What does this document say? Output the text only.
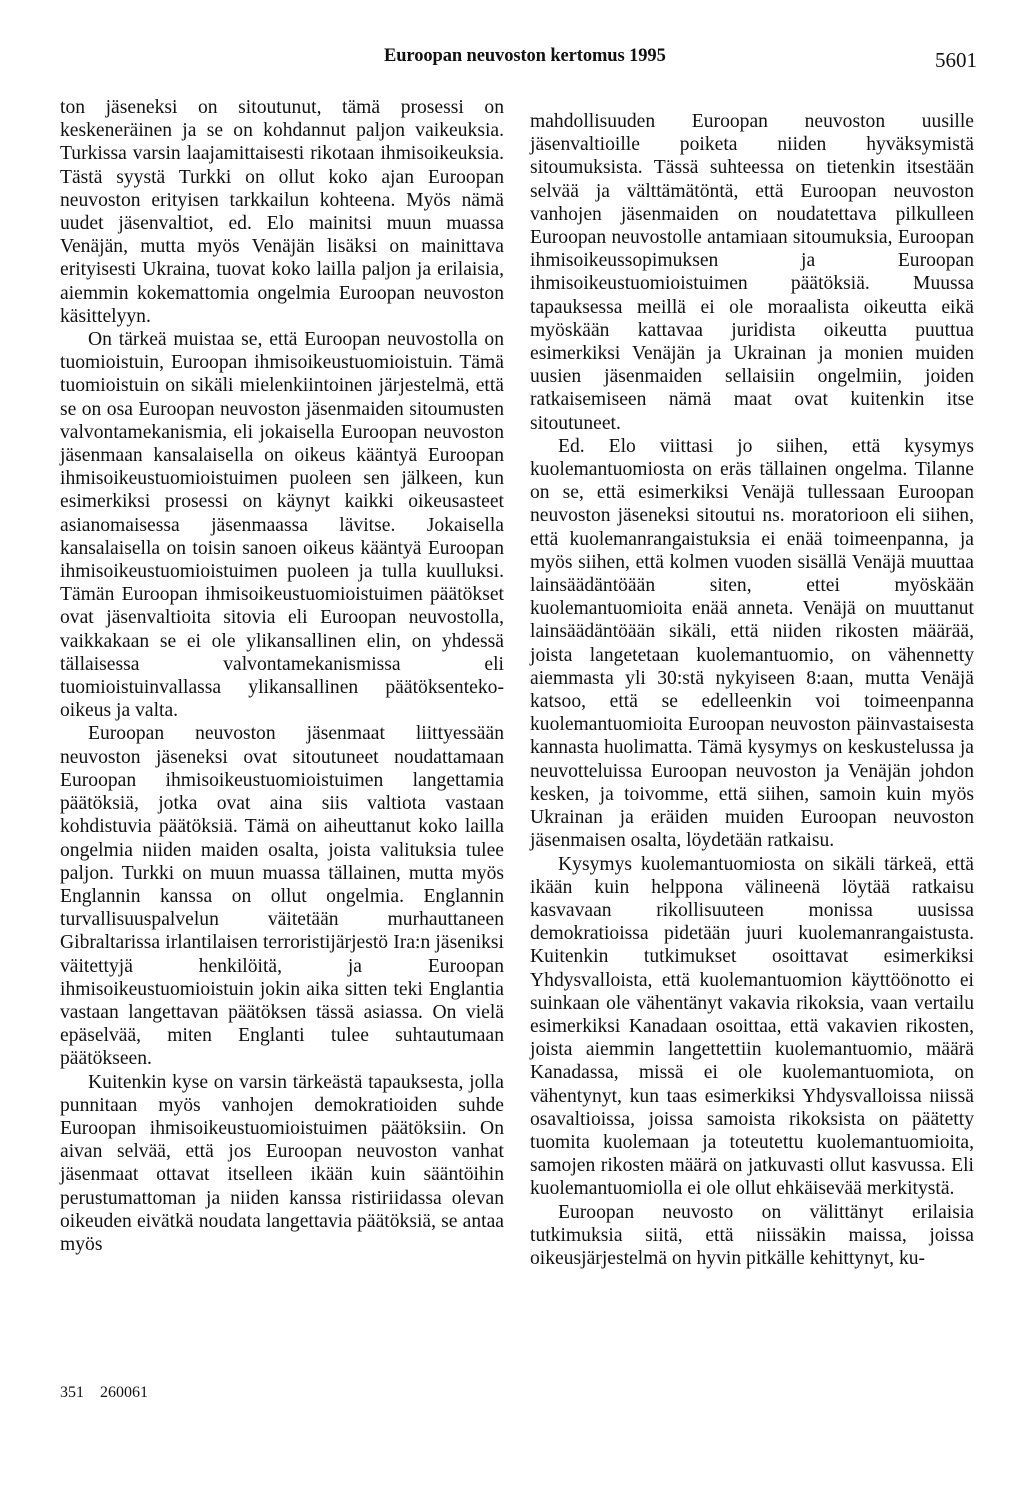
Euroopan neuvoston kertomus 1995	5601

ton jäseneksi on sitoutunut, tämä prosessi on keskeneräinen ja se on kohdannut paljon vaikeuksia. Turkissa varsin laajamittaisesti rikotaan ihmisoikeuksia. Tästä syystä Turkki on ollut koko ajan Euroopan neuvoston erityisen tarkkailun kohteena. Myös nämä uudet jäsenvaltiot, ed. Elo mainitsi muun muassa Venäjän, mutta myös Venäjän lisäksi on mainittava erityisesti Ukraina, tuovat koko lailla paljon ja erilaisia, aiemmin kokemattomia ongelmia Euroopan neuvoston käsittelyyn.

On tärkeä muistaa se, että Euroopan neuvostolla on tuomioistuin, Euroopan ihmisoikeustuomioistuin. Tämä tuomioistuin on sikäli mielenkiintoinen järjestelmä, että se on osa Euroopan neuvoston jäsenmaiden sitoumusten valvontamekanismia, eli jokaisella Euroopan neuvoston jäsenmaan kansalaisella on oikeus kääntyä Euroopan ihmisoikeustuomioistuimen puoleen sen jälkeen, kun esimerkiksi prosessi on käynyt kaikki oikeusasteet asianomaisessa jäsenmaassa lävitse. Jokaisella kansalaisella on toisin sanoen oikeus kääntyä Euroopan ihmisoikeustuomioistuimen puoleen ja tulla kuulluksi. Tämän Euroopan ihmisoikeustuomioistuimen päätökset ovat jäsenvaltioita sitovia eli Euroopan neuvostolla, vaikkakaan se ei ole ylikansallinen elin, on yhdessä tällaisessa valvontamekanismissa eli tuomioistuinvallassa ylikansallinen päätöksenteko-oikeus ja valta.

Euroopan neuvoston jäsenmaat liittyessään neuvoston jäseneksi ovat sitoutuneet noudattamaan Euroopan ihmisoikeustuomioistuimen langettamia päätöksiä, jotka ovat aina siis valtiota vastaan kohdistuvia päätöksiä. Tämä on aiheuttanut koko lailla ongelmia niiden maiden osalta, joista valituksia tulee paljon. Turkki on muun muassa tällainen, mutta myös Englannin kanssa on ollut ongelmia. Englannin turvallisuuspalvelun väitetään murhauttaneen Gibraltarissa irlantilaisen terroristijärjestö Ira:n jäseniksi väitettyjä henkilöitä, ja Euroopan ihmisoikeustuomioistuin jokin aika sitten teki Englantia vastaan langettavan päätöksen tässä asiassa. On vielä epäselvää, miten Englanti tulee suhtautumaan päätökseen.

Kuitenkin kyse on varsin tärkeästä tapauksesta, jolla punnitaan myös vanhojen demokratioiden suhde Euroopan ihmisoikeustuomioistuimen päätöksiin. On aivan selvää, että jos Euroopan neuvoston vanhat jäsenmaat ottavat itselleen ikään kuin sääntöihin perustumattoman ja niiden kanssa ristiriidassa olevan oikeuden eivätkä noudata langettavia päätöksiä, se antaa myös

mahdollisuuden Euroopan neuvoston uusille jäsenvaltioille poiketa niiden hyväksymistä sitoumuksista. Tässä suhteessa on tietenkin itsestään selvää ja välttämätöntä, että Euroopan neuvoston vanhojen jäsenmaiden on noudatettava pilkulleen Euroopan neuvostolle antamiaan sitoumuksia, Euroopan ihmisoikeussopimuksen ja Euroopan ihmisoikeustuomioistuimen päätöksiä. Muussa tapauksessa meillä ei ole moraalista oikeutta eikä myöskään kattavaa juridista oikeutta puuttua esimerkiksi Venäjän ja Ukrainan ja monien muiden uusien jäsenmaiden sellaisiin ongelmiin, joiden ratkaisemiseen nämä maat ovat kuitenkin itse sitoutuneet.

Ed. Elo viittasi jo siihen, että kysymys kuolemantuomiosta on eräs tällainen ongelma. Tilanne on se, että esimerkiksi Venäjä tullessaan Euroopan neuvoston jäseneksi sitoutui ns. moratorioon eli siihen, että kuolemanrangaistuksia ei enää toimeenpanna, ja myös siihen, että kolmen vuoden sisällä Venäjä muuttaa lainsäädäntöään siten, ettei myöskään kuolemantuomioita enää anneta. Venäjä on muuttanut lainsäädäntöään sikäli, että niiden rikosten määrää, joista langetetaan kuolemantuomio, on vähennetty aiemmasta yli 30:stä nykyiseen 8:aan, mutta Venäjä katsoo, että se edelleenkin voi toimeenpanna kuolemantuomioita Euroopan neuvoston päinvastaisesta kannasta huolimatta. Tämä kysymys on keskustelussa ja neuvotteluissa Euroopan neuvoston ja Venäjän johdon kesken, ja toivomme, että siihen, samoin kuin myös Ukrainan ja eräiden muiden Euroopan neuvoston jäsenmaisen osalta, löydetään ratkaisu.

Kysymys kuolemantuomiosta on sikäli tärkeä, että ikään kuin helppona välineenä löytää ratkaisu kasvavaan rikollisuuteen monissa uusissa demokratioissa pidetään juuri kuolemanrangaistusta. Kuitenkin tutkimukset osoittavat esimerkiksi Yhdysvalloista, että kuolemantuomion käyttöönotto ei suinkaan ole vähentänyt vakavia rikoksia, vaan vertailu esimerkiksi Kanadaan osoittaa, että vakavien rikosten, joista aiemmin langettettiin kuolemantuomio, määrä Kanadassa, missä ei ole kuolemantuomiota, on vähentynyt, kun taas esimerkiksi Yhdysvalloissa niissä osavaltioissa, joissa samoista rikoksista on päätetty tuomita kuolemaan ja toteutettu kuolemantuomioita, samojen rikosten määrä on jatkuvasti ollut kasvussa. Eli kuolemantuomiolla ei ole ollut ehkäisevää merkitystä.

Euroopan neuvosto on välittänyt erilaisia tutkimuksia siitä, että niissäkin maissa, joissa oikeusjärjestelmä on hyvin pitkälle kehittynyt, ku-

351 260061
